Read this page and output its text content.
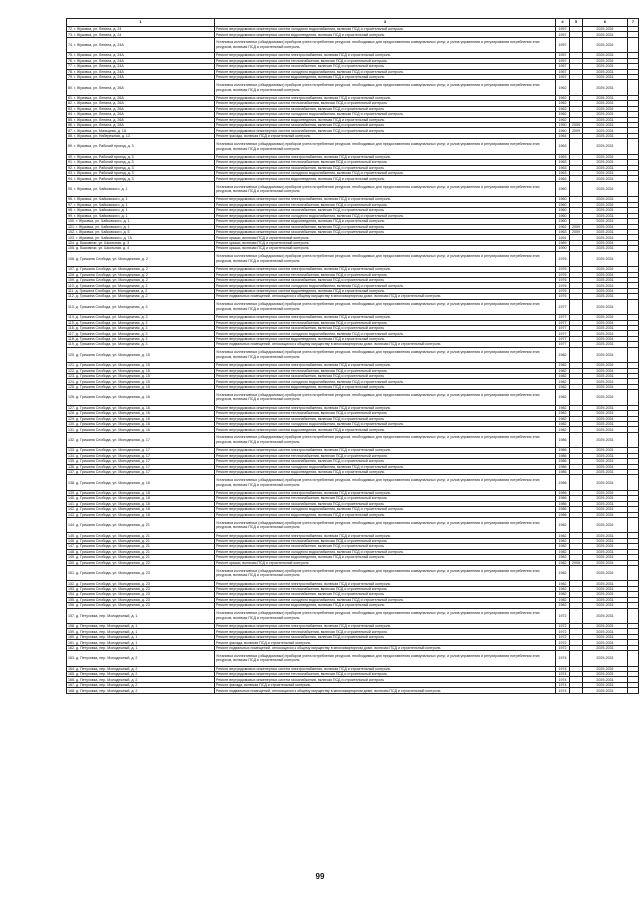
1		3	4	5	6	7
72. г. Жуковка, ул. Ленина, д. 24	Ремонт внутридомовых инженерных систем холодного водоснабжения, включая ПСД и строительный контроль	1957		2029-2031	
73. г. Жуковка, ул. Ленина, д. 24	Ремонт внутридомовых инженерных систем водоотведения, включая ПСД и строительный контроль	1957		2029-2031	
74. г. Жуковка, ул. Ленина, д. 24А	Установка коллективных (общедомовых) приборов учета потребления ресурсов, необходимых для предоставления коммунальных услуг, и узлов управления и регулирования потребления этих ресурсов, включая ПСД и строительный контроль	1957		2029-2031	
75. г. Жуковка, ул. Ленина, д. 24А	Ремонт внутридомовых инженерных систем электроснабжения, включая ПСД и строительный контроль	1957		2029-2031	
76. г. Жуковка, ул. Ленина, д. 24А	Ремонт внутридомовых инженерных систем теплоснабжения, включая ПСД и строительный контроль	1957		2029-2031	
77. г. Жуковка, ул. Ленина, д. 24А	Ремонт внутридомовых инженерных систем газоснабжения, включая ПСД и строительный контроль	1957		2029-2031	
78. г. Жуковка, ул. Ленина, д. 24А	Ремонт внутридомовых инженерных систем холодного водоснабжения, включая ПСД и строительный контроль	1957		2029-2031	
79. г. Жуковка, ул. Ленина, д. 24А	Ремонт внутридомовых инженерных систем водоотведения, включая ПСД и строительный контроль	1957		2029-2031	
80. г. Жуковка, ул. Ленина, д. 26А	Установка коллективных (общедомовых) приборов учета потребления ресурсов, необходимых для предоставления коммунальных услуг, и узлов управления и регулирования потребления этих ресурсов, включая ПСД и строительный контроль	1962		2029-2031	
81. г. Жуковка, ул. Ленина, д. 26А	Ремонт внутридомовых инженерных систем электроснабжения, включая ПСД и строительный контроль	1962		2026-2031	
82. г. Жуковка, ул. Ленина, д. 26А	Ремонт внутридомовых инженерных систем теплоснабжения, включая ПСД и строительный контроль	1962		2029-2031	
83. г. Жуковка, ул. Ленина, д. 26А	Ремонт внутридомовых инженерных систем газоснабжения, включая ПСД и строительный контроль	1962		2029-2031	
84. г. Жуковка, ул. Ленина, д. 26А	Ремонт внутридомовых инженерных систем холодного водоснабжения, включая ПСД и строительный контроль	1962		2029-2031	
85. г. Жуковка, ул. Ленина, д. 26А	Ремонт внутридомовых инженерных систем водоотведения, включая ПСД и строительный контроль	1962		2029-2031	
86. г. Жуковка, ул. Ленина, д. 28А	Ремонт внутридомовых инженерных систем газоснабжения, включая ПСД и строительный контроль	1950	2009	2029-2031	
87. г. Жуковка, ул. Мальцева, д. 1А	Ремонт внутридомовых инженерных систем газоснабжения, включая ПСД и строительный контроль	1960	2009	2029-2031	
88. г. Жуковка, ул. Набережная, д. 13	Ремонт фасада, включая ПСД и строительный контроль	1964		2029-2031	
89. г. Жуковка, ул. Рабочий проезд, д. 3	Установка коллективных (общедомовых) приборов учета потребления ресурсов, необходимых для предоставления коммунальных услуг, и узлов управления и регулирования потребления этих ресурсов, включая ПСД и строительный контроль	1963		2029-2031	
90. г. Жуковка, ул. Рабочий проезд, д. 3	Ремонт внутридомовых инженерных систем электроснабжения, включая ПСД и строительный контроль	1963		2029-2031	
91. г. Жуковка, ул. Рабочий проезд, д. 3	Ремонт внутридомовых инженерных систем теплоснабжения, включая ПСД и строительный контроль	1963		2029-2031	
92. г. Жуковка, ул. Рабочий проезд, д. 3	Ремонт внутридомовых инженерных систем газоснабжения, включая ПСД и строительный контроль	1963		2029-2031	
93. г. Жуковка, ул. Рабочий проезд, д. 3	Ремонт внутридомовых инженерных систем холодного водоснабжения, включая ПСД и строительный контроль	1963		2029-2031	
94. г. Жуковка, ул. Рабочий проезд, д. 3	Ремонт внутридомовых инженерных систем водоотведения, включая ПСД и строительный контроль	1963		2029-2031	
95. г. Жуковка, ул. Чайковского, д. 1	Установка коллективных (общедомовых) приборов учета потребления ресурсов, необходимых для предоставления коммунальных услуг, и узлов управления и регулирования потребления этих ресурсов, включая ПСД и строительный контроль	1960		2029-2031	
96. г. Жуковка, ул. Чайковского, д. 1	Ремонт внутридомовых инженерных систем электроснабжения, включая ПСД и строительный контроль	1960		2029-2031	
97. г. Жуковка, ул. Чайковского, д. 1	Ремонт внутридомовых инженерных систем теплоснабжения, включая ПСД и строительный контроль	1960		2029-2031	
98. г. Жуковка, ул. Чайковского, д. 1	Ремонт внутридомовых инженерных систем газоснабжения, включая ПСД и строительный контроль	1960		2029-2031	
99. г. Жуковка, ул. Чайковского, д. 1	Ремонт внутридомовых инженерных систем холодного водоснабжения, включая ПСД и строительный контроль	1960		2029-2031	
100. г. Жуковка, ул. Чайковского, д. 1	Ремонт внутридомовых инженерных систем водоотведения, включая ПСД и строительный контроль	1960		2029-2031	
101. г. Жуковка, ул. Чайковского, д. 1	Ремонт внутридомовых инженерных систем газоснабжения, включая ПСД и строительный контроль	1962	2009	2029-2031	
102. г. Жуковка, ул. Чайковского, д. 5	Ремонт внутридомовых инженерных систем газоснабжения, включая ПСД и строительный контроль	1963	2009	2029-2031	
103. г. Жуковка, ул. Чайковского, д. 7А	Ремонт крыши, включая ПСД и строительный контроль	1991		2029-2031	
104. д. Быковичи, ул. Школьная, д. 3	Ремонт крыши, включая ПСД и строительный контроль	1989		2029-2031	
105. д. Быковичи, ул. Школьная, д. 4	Ремонт крыши, включая ПСД и строительный контроль	1990		2029-2031	
106. д. Гришина Слобода, ул. Молодежная, д. 2	Установка коллективных (общедомовых) приборов учета потребления ресурсов, необходимых для предоставления коммунальных услуг, и узлов управления и регулирования потребления этих ресурсов, включая ПСД и строительный контроль	1976		2029-2031	
107. д. Гришина Слобода, ул. Молодежная, д. 2	Ремонт внутридомовых инженерных систем электроснабжения, включая ПСД и строительный контроль	1976		2029-2031	
108. д. Гришина Слобода, ул. Молодежная, д. 2	Ремонт внутридомовых инженерных систем теплоснабжения, включая ПСД и строительный контроль	1976		2029-2031	
109. д. Гришина Слобода, ул. Молодежная, д. 2	Ремонт внутридомовых инженерных систем газоснабжения, включая ПСД и строительный контроль	1976		2029-2031	
110. д. Гришина Слобода, ул. Молодежная, д. 2	Ремонт внутридомовых инженерных систем холодного водоснабжения, включая ПСД и строительный контроль	1976		2029-2031	
111. д. Гришина Слобода, ул. Молодежная, д. 2	Ремонт внутридомовых инженерных систем водоотведения, включая ПСД и строительный контроль	1976		2029-2031	
112. д. Гришина Слобода, ул. Молодежная, д. 2	Ремонт подвальных помещений, относящихся к общему имуществу в многоквартирном доме, включая ПСД и строительный контроль	1976		2029-2031	
113. д. Гришина Слобода, ул. Молодежная, д. 3	Установка коллективных (общедомовых) приборов учета потребления ресурсов, необходимых для предоставления коммунальных услуг, и узлов управления и регулирования потребления этих ресурсов, включая ПСД и строительный контроль	1977		2029-2031	
114. д. Гришина Слобода, ул. Молодежная, д. 3	Ремонт внутридомовых инженерных систем электроснабжения, включая ПСД и строительный контроль	1977		2029-2031	
115. д. Гришина Слобода, ул. Молодежная, д. 3	Ремонт внутридомовых инженерных систем теплоснабжения, включая ПСД и строительный контроль	1977		2029-2031	
116. д. Гришина Слобода, ул. Молодежная, д. 3	Ремонт внутридомовых инженерных систем газоснабжения, включая ПСД и строительный контроль	1977		2029-2031	
117. д. Гришина Слобода, ул. Молодежная, д. 3	Ремонт внутридомовых инженерных систем холодного водоснабжения, включая ПСД и строительный контроль	1977		2029-2031	
118. д. Гришина Слобода, ул. Молодежная, д. 3	Ремонт внутридомовых инженерных систем водоотведения, включая ПСД и строительный контроль	1977		2029-2031	
119. д. Гришина Слобода, ул. Молодежная, д. 3	Ремонт подвальных помещений, относящихся к общему имуществу в многоквартирном доме, включая ПСД и строительный контроль	1977		2029-2031	
120. д. Гришина Слобода, ул. Молодежная, д. 15	Установка коллективных (общедомовых) приборов учета потребления ресурсов, необходимых для предоставления коммунальных услуг, и узлов управления и регулирования потребления этих ресурсов, включая ПСД и строительный контроль	1982		2029-2031	
121. д. Гришина Слобода, ул. Молодежная, д. 15	Ремонт внутридомовых инженерных систем электроснабжения, включая ПСД и строительный контроль	1982		2029-2031	
122. д. Гришина Слобода, ул. Молодежная, д. 15	Ремонт внутридомовых инженерных систем теплоснабжения, включая ПСД и строительный контроль	1982		2029-2031	
123. д. Гришина Слобода, ул. Молодежная, д. 15	Ремонт внутридомовых инженерных систем газоснабжения, включая ПСД и строительный контроль	1982		2029-2031	
124. д. Гришина Слобода, ул. Молодежная, д. 15	Ремонт внутридомовых инженерных систем холодного водоснабжения, включая ПСД и строительный контроль	1982		2029-2031	
125. д. Гришина Слобода, ул. Молодежная, д. 15	Ремонт внутридомовых инженерных систем водоотведения, включая ПСД и строительный контроль	1982		2029-2031	
126. д. Гришина Слобода, ул. Молодежная, д. 16	Установка коллективных (общедомовых) приборов учета потребления ресурсов, необходимых для предоставления коммунальных услуг, и узлов управления и регулирования потребления этих ресурсов, включая ПСД и строительный контроль	1982		2029-2031	
127. д. Гришина Слобода, ул. Молодежная, д. 16	Ремонт внутридомовых инженерных систем электроснабжения, включая ПСД и строительный контроль	1982		2029-2031	
128. д. Гришина Слобода, ул. Молодежная, д. 16	Ремонт внутридомовых инженерных систем теплоснабжения, включая ПСД и строительный контроль	1982		2029-2031	
129. д. Гришина Слобода, ул. Молодежная, д. 16	Ремонт внутридомовых инженерных систем газоснабжения, включая ПСД и строительный контроль	1982		2029-2031	
130. д. Гришина Слобода, ул. Молодежная, д. 16	Ремонт внутридомовых инженерных систем холодного водоснабжения, включая ПСД и строительный контроль	1982		2029-2031	
131. д. Гришина Слобода, ул. Молодежная, д. 16	Ремонт внутридомовых инженерных систем водоотведения, включая ПСД и строительный контроль	1982		2029-2031	
132. д. Гришина Слобода, ул. Молодежная, д. 17	Установка коллективных (общедомовых) приборов учета потребления ресурсов, необходимых для предоставления коммунальных услуг, и узлов управления и регулирования потребления этих ресурсов, включая ПСД и строительный контроль	1986		2029-2031	
133. д. Гришина Слобода, ул. Молодежная, д. 17	Ремонт внутридомовых инженерных систем электроснабжения, включая ПСД и строительный контроль	1986		2029-2031	
134. д. Гришина Слобода, ул. Молодежная, д. 17	Ремонт внутридомовых инженерных систем теплоснабжения, включая ПСД и строительный контроль	1986		2029-2031	
135. д. Гришина Слобода, ул. Молодежная, д. 17	Ремонт внутридомовых инженерных систем газоснабжения, включая ПСД и строительный контроль	1986		2029-2031	
136. д. Гришина Слобода, ул. Молодежная, д. 17	Ремонт внутридомовых инженерных систем холодного водоснабжения, включая ПСД и строительный контроль	1986		2029-2031	
137. д. Гришина Слобода, ул. Молодежная, д. 17	Ремонт внутридомовых инженерных систем водоотведения, включая ПСД и строительный контроль	1986		2029-2031	
138. д. Гришина Слобода, ул. Молодежная, д. 18	Установка коллективных (общедомовых) приборов учета потребления ресурсов, необходимых для предоставления коммунальных услуг, и узлов управления и регулирования потребления этих ресурсов, включая ПСД и строительный контроль	1986		2029-2031	
139. д. Гришина Слобода, ул. Молодежная, д. 18	Ремонт внутридомовых инженерных систем электроснабжения, включая ПСД и строительный контроль	1986		2029-2031	
140. д. Гришина Слобода, ул. Молодежная, д. 18	Ремонт внутридомовых инженерных систем теплоснабжения, включая ПСД и строительный контроль	1986		2029-2031	
141. д. Гришина Слобода, ул. Молодежная, д. 18	Ремонт внутридомовых инженерных систем газоснабжения, включая ПСД и строительный контроль	1986		2029-2031	
142. д. Гришина Слобода, ул. Молодежная, д. 18	Ремонт внутридомовых инженерных систем холодного водоснабжения, включая ПСД и строительный контроль	1986		2029-2031	
143. д. Гришина Слобода, ул. Молодежная, д. 18	Ремонт внутридомовых инженерных систем водоотведения, включая ПСД и строительный контроль	1986		2029-2031	
144. д. Гришина Слобода, ул. Молодежная, д. 21	Установка коллективных (общедомовых) приборов учета потребления ресурсов, необходимых для предоставления коммунальных услуг, и узлов управления и регулирования потребления этих ресурсов, включая ПСД и строительный контроль	1982		2029-2031	
145. д. Гришина Слобода, ул. Молодежная, д. 21	Ремонт внутридомовых инженерных систем электроснабжения, включая ПСД и строительный контроль	1982		2029-2031	
146. д. Гришина Слобода, ул. Молодежная, д. 21	Ремонт внутридомовых инженерных систем теплоснабжения, включая ПСД и строительный контроль	1982		2029-2031	
147. д. Гришина Слобода, ул. Молодежная, д. 21	Ремонт внутридомовых инженерных систем газоснабжения, включая ПСД и строительный контроль	1982		2029-2031	
148. д. Гришина Слобода, ул. Молодежная, д. 21	Ремонт внутридомовых инженерных систем холодного водоснабжения, включая ПСД и строительный контроль	1982		2029-2031	
149. д. Гришина Слобода, ул. Молодежная, д. 21	Ремонт внутридомовых инженерных систем водоотведения, включая ПСД и строительный контроль	1982		2029-2031	
150. д. Гришина Слобода, ул. Молодежная, д. 22	Ремонт крыши, включая ПСД и строительный контроль	1982	2008	2029-2031	
151. д. Гришина Слобода, ул. Молодежная, д. 23	Установка коллективных (общедомовых) приборов учета потребления ресурсов, необходимых для предоставления коммунальных услуг, и узлов управления и регулирования потребления этих ресурсов, включая ПСД и строительный контроль	1982		2029-2031	
152. д. Гришина Слобода, ул. Молодежная, д. 23	Ремонт внутридомовых инженерных систем электроснабжения, включая ПСД и строительный контроль	1982		2029-2031	
153. д. Гришина Слобода, ул. Молодежная, д. 23	Ремонт внутридомовых инженерных систем теплоснабжения, включая ПСД и строительный контроль	1982		2029-2031	
154. д. Гришина Слобода, ул. Молодежная, д. 23	Ремонт внутридомовых инженерных систем газоснабжения, включая ПСД и строительный контроль	1982		2029-2031	
155. д. Гришина Слобода, ул. Молодежная, д. 23	Ремонт внутридомовых инженерных систем холодного водоснабжения, включая ПСД и строительный контроль	1982		2029-2031	
156. д. Гришина Слобода, ул. Молодежная, д. 23	Ремонт внутридомовых инженерных систем водоотведения, включая ПСД и строительный контроль	1982		2029-2031	
157. д. Петуховка, пер. Молодежный, д. 1	Установка коллективных (общедомовых) приборов учета потребления ресурсов, необходимых для предоставления коммунальных услуг, и узлов управления и регулирования потребления этих ресурсов, включая ПСД и строительный контроль	1972		2029-2031	
158. д. Петуховка, пер. Молодежный, д. 1	Ремонт внутридомовых инженерных систем электроснабжения, включая ПСД и строительный контроль	1972		2029-2031	
159. д. Петуховка, пер. Молодежный, д. 1	Ремонт внутридомовых инженерных систем теплоснабжения, включая ПСД и строительный контроль	1972		2029-2031	
160. д. Петуховка, пер. Молодежный, д. 1	Ремонт внутридомовых инженерных систем газоснабжения, включая ПСД и строительный контроль	1972		2029-2031	
161. д. Петуховка, пер. Молодежный, д. 1	Ремонт фасада, включая ПСД и строительный контроль	1972		2029-2031	
162. д. Петуховка, пер. Молодежный, д. 1	Ремонт подвальных помещений, относящихся к общему имуществу в многоквартирном доме, включая ПСД и строительный контроль	1972		2029-2031	
163. д. Петуховка, пер. Молодежный, д. 2	Установка коллективных (общедомовых) приборов учета потребления ресурсов, необходимых для предоставления коммунальных услуг, и узлов управления и регулирования потребления этих ресурсов, включая ПСД и строительный контроль	1974		2029-2031	
164. д. Петуховка, пер. Молодежный, д. 2	Ремонт внутридомовых инженерных систем электроснабжения, включая ПСД и строительный контроль	1974		2029-2031	
165. д. Петуховка, пер. Молодежный, д. 2	Ремонт внутридомовых инженерных систем теплоснабжения, включая ПСД и строительный контроль	1974		2029-2031	
166. д. Петуховка, пер. Молодежный, д. 2	Ремонт внутридомовых инженерных систем газоснабжения, включая ПСД и строительный контроль	1974		2029-2031	
167. д. Петуховка, пер. Молодежный, д. 2	Ремонт фасада, включая ПСД и строительный контроль	1974		2029-2031	
168. д. Петуховка, пер. Молодежный, д. 2	Ремонт подвальных помещений, относящихся к общему имуществу в многоквартирном доме, включая ПСД и строительный контроль	1974		2029-2031	
99
